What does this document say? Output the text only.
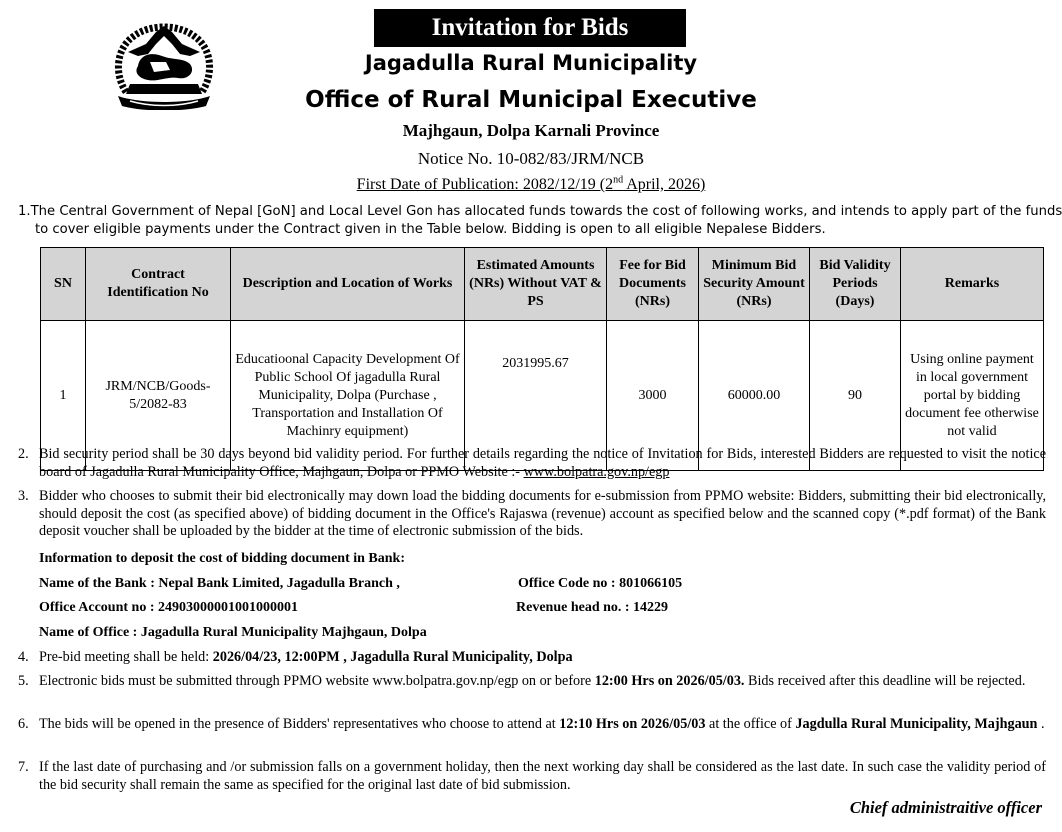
Invitation for Bids
Jagadulla Rural Municipality
Office of Rural Municipal Executive
Majhgaun, Dolpa Karnali Province
Notice No. 10-082/83/JRM/NCB
First Date of Publication: 2082/12/19 (2nd April, 2026)
1.The Central Government of Nepal [GoN] and Local Level Gon has allocated funds towards the cost of following works, and intends to apply part of the funds to cover eligible payments under the Contract given in the Table below. Bidding is open to all eligible Nepalese Bidders.
SN	Contract Identification No	Description and Location of Works	Estimated Amounts (NRs) Without VAT & PS	Fee for Bid Documents (NRs)	Minimum Bid Security Amount (NRs)	Bid Validity Periods (Days)	Remarks
1	JRM/NCB/Goods-5/2082-83	Educatioonal Capacity Development Of Public School Of jagadulla Rural Municipality, Dolpa (Purchase , Transportation and Installation Of Machinry equipment)	2031995.67	3000	60000.00	90	Using online payment in local government portal by bidding document fee otherwise not valid
2. Bid security period shall be 30 days beyond bid validity period. For further details regarding the notice of Invitation for Bids, interested Bidders are requested to visit the notice board of Jagadulla Rural Municipality Office, Majhgaun, Dolpa or PPMO Website :- www.bolpatra.gov.np/egp
3. Bidder who chooses to submit their bid electronically may down load the bidding documents for e-submission from PPMO website: Bidders, submitting their bid electronically, should deposit the cost (as specified above) of bidding document in the Office's Rajaswa (revenue) account as specified below and the scanned copy (*.pdf format) of the Bank deposit voucher shall be uploaded by the bidder at the time of electronic submission of the bids.
Information to deposit the cost of bidding document in Bank:
Name of the Bank : Nepal Bank Limited, Jagadulla Branch ,	Office Code no : 801066105
Office Account no : 24903000001001000001	Revenue head no. : 14229
Name of Office : Jagadulla Rural Municipality Majhgaun, Dolpa
4. Pre-bid meeting shall be held: 2026/04/23, 12:00PM , Jagadulla Rural Municipality, Dolpa
5. Electronic bids must be submitted through PPMO website www.bolpatra.gov.np/egp on or before 12:00 Hrs on 2026/05/03. Bids received after this deadline will be rejected.
6. The bids will be opened in the presence of Bidders' representatives who choose to attend at 12:10 Hrs on 2026/05/03 at the office of Jagdulla Rural Municipality, Majhgaun .
7. If the last date of purchasing and /or submission falls on a government holiday, then the next working day shall be considered as the last date. In such case the validity period of the bid security shall remain the same as specified for the original last date of bid submission.
Chief administraitive officer
